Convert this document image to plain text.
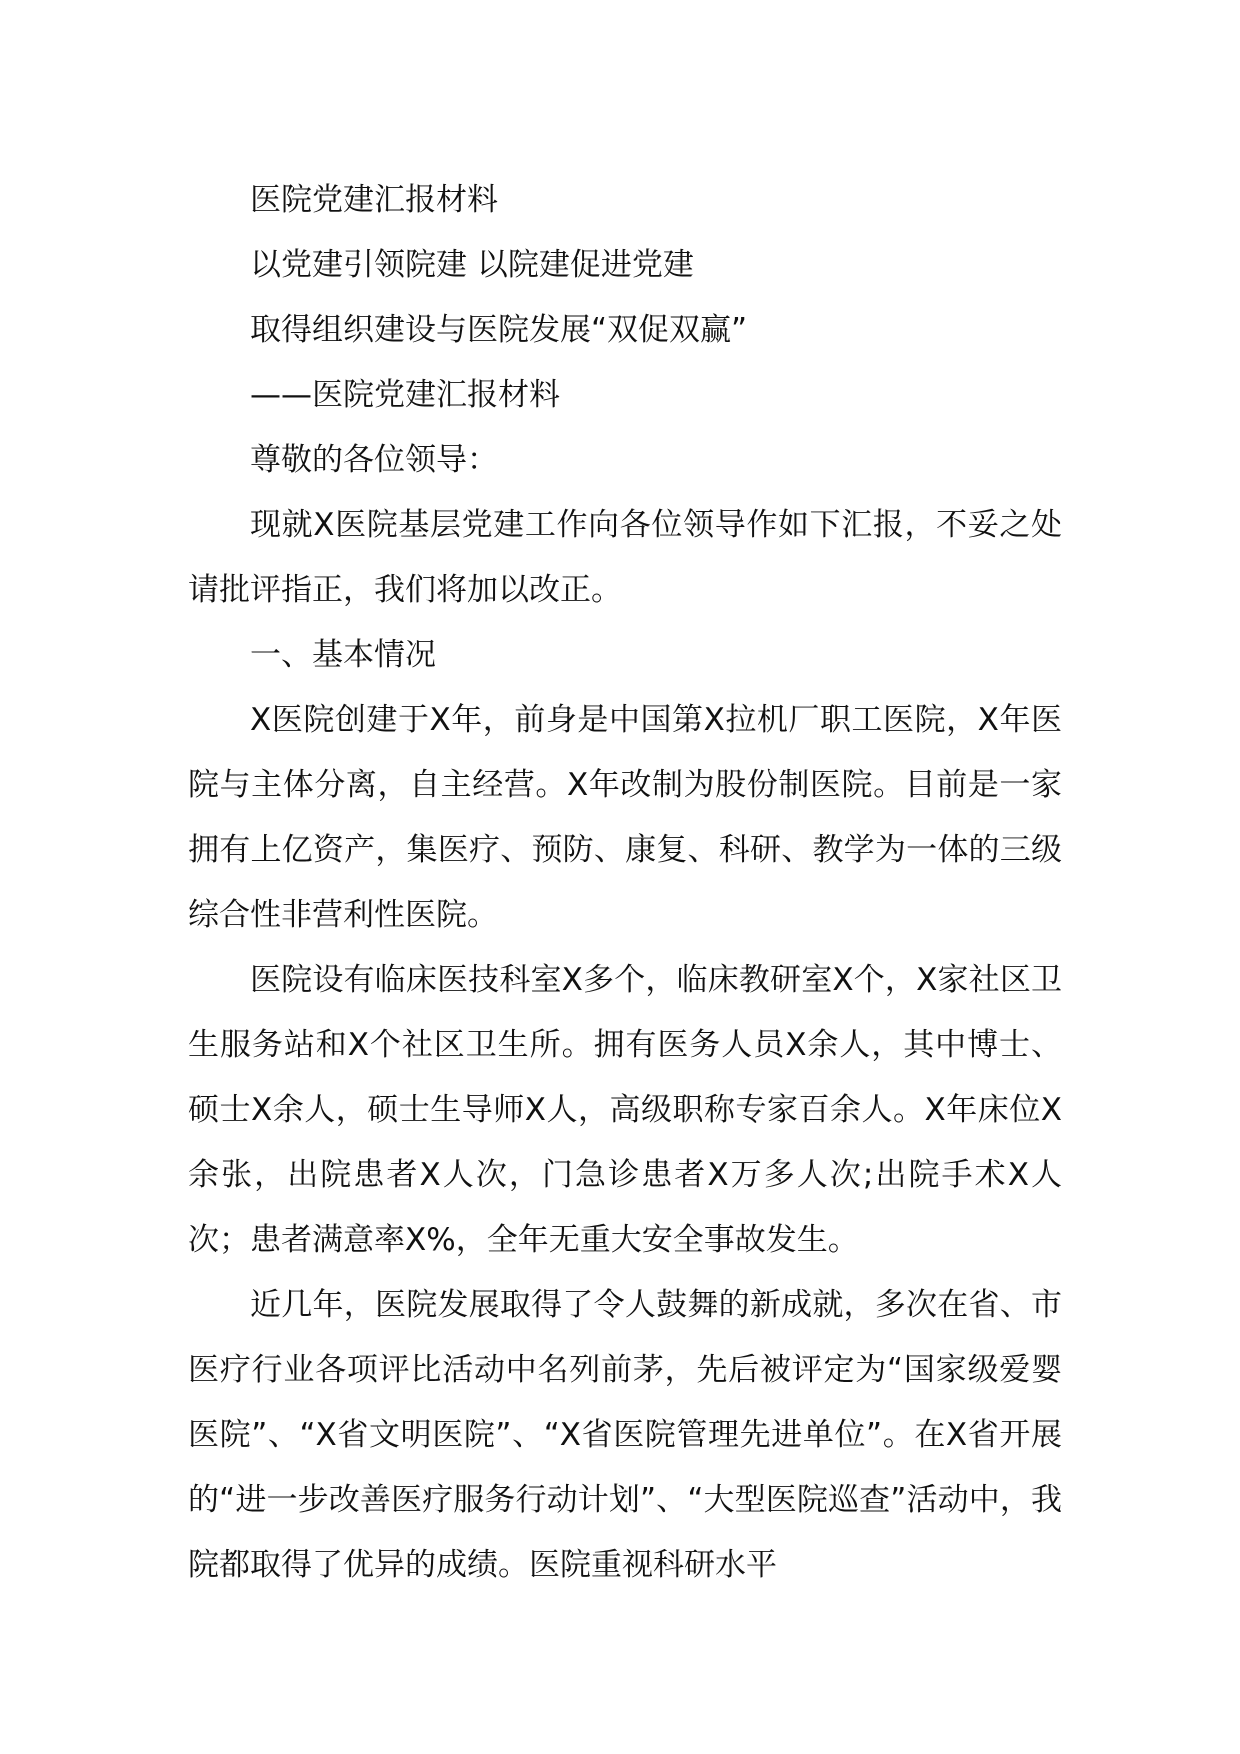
医院党建汇报材料

以党建引领院建 以院建促进党建

取得组织建设与医院发展“双促双赢”

——医院党建汇报材料

尊敬的各位领导：

现就X医院基层党建工作向各位领导作如下汇报，不妥之处请批评指正，我们将加以改正。

一、基本情况

X医院创建于X年，前身是中国第X拉机厂职工医院，X年医院与主体分离，自主经营。X年改制为股份制医院。目前是一家拥有上亿资产，集医疗、预防、康复、科研、教学为一体的三级综合性非营利性医院。

医院设有临床医技科室X多个，临床教研室X个，X家社区卫生服务站和X个社区卫生所。拥有医务人员X余人，其中博士、硕士X余人，硕士生导师X人，高级职称专家百余人。X年床位X余张，出院患者X人次，门急诊患者X万多人次;出院手术X人次；患者满意率X%，全年无重大安全事故发生。

近几年，医院发展取得了令人鼓舞的新成就，多次在省、市医疗行业各项评比活动中名列前茅，先后被评定为“国家级爱婴医院”、“X省文明医院”、“X省医院管理先进单位”。在X省开展的“进一步改善医疗服务行动计划”、“大型医院巡查”活动中，我院都取得了优异的成绩。医院重视科研水平
